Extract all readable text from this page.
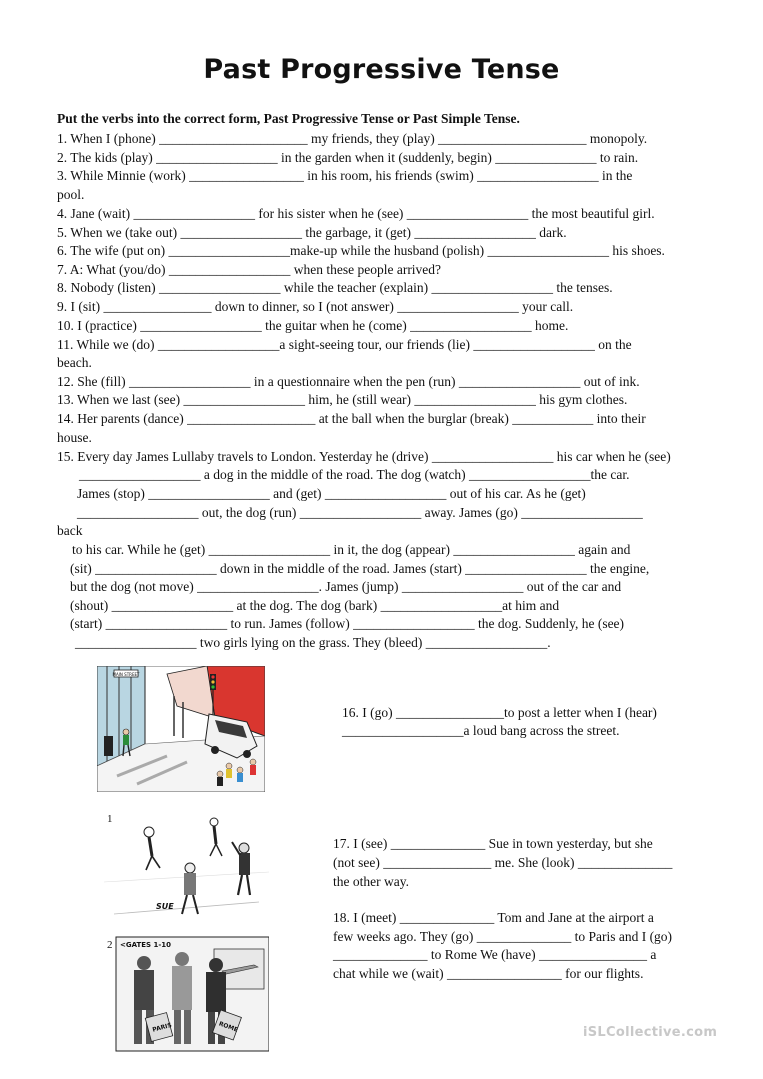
Past Progressive Tense
Put the verbs into the correct form, Past Progressive Tense or Past Simple Tense.
1. When I (phone) ______________________ my friends, they (play) ______________________ monopoly.
2. The kids (play) __________________ in the garden when it (suddenly, begin) _______________ to rain.
3. While Minnie (work) _________________ in his room, his friends (swim) __________________ in the
pool.
4. Jane (wait) __________________ for his sister when he (see) __________________ the most beautiful girl.
5. When we (take out) __________________ the garbage, it (get) __________________ dark.
6. The wife (put on) __________________make-up while the husband (polish) __________________ his shoes.
7. A: What (you/do) __________________ when these people arrived?
8. Nobody (listen) __________________ while the teacher (explain) __________________ the tenses.
9. I (sit) ________________ down to dinner, so I (not answer) __________________ your call.
10. I (practice) __________________ the guitar when he (come) __________________ home.
11. While we (do) __________________a sight-seeing tour, our friends (lie) __________________ on the
beach.
12. She (fill) __________________ in a questionnaire when the pen (run) __________________ out of ink.
13. When we last (see) __________________ him, he (still wear) __________________ his gym clothes.
14. Her parents (dance) ___________________ at the ball when the burglar (break) ____________ into their
house.
15. Every day James Lullaby travels to London. Yesterday he (drive) __________________ his car when he (see)
__________________ a dog in the middle of the road. The dog (watch) __________________the car.
James (stop) __________________ and (get) __________________ out of his car. As he (get)
__________________ out, the dog (run) __________________ away. James (go) __________________
back
to his car. While he (get) __________________ in it, the dog (appear) __________________ again and
(sit) __________________ down in the middle of the road. James (start) __________________ the engine,
but the dog (not move) __________________. James (jump) __________________ out of the car and
(shout) __________________ at the dog. The dog (bark) __________________at him and
(start) __________________ to run. James (follow) __________________ the dog. Suddenly, he (see)
__________________ two girls lying on the grass. They (bleed) __________________.
MAIN STREET
16. I (go) ________________to post a letter when I (hear)
__________________a loud bang across the street.
1
SUE
17. I (see) ______________ Sue in town yesterday, but she
(not see) ________________ me. She (look) ______________
the other way.
2 <GATES 1-10
PARIS	ROME
18. I (meet) ______________ Tom and Jane at the airport a
few weeks ago. They (go) ______________ to Paris and I (go)
______________ to Rome We (have) ________________ a
chat while we (wait) _________________ for our flights.
iSLCollective.com
